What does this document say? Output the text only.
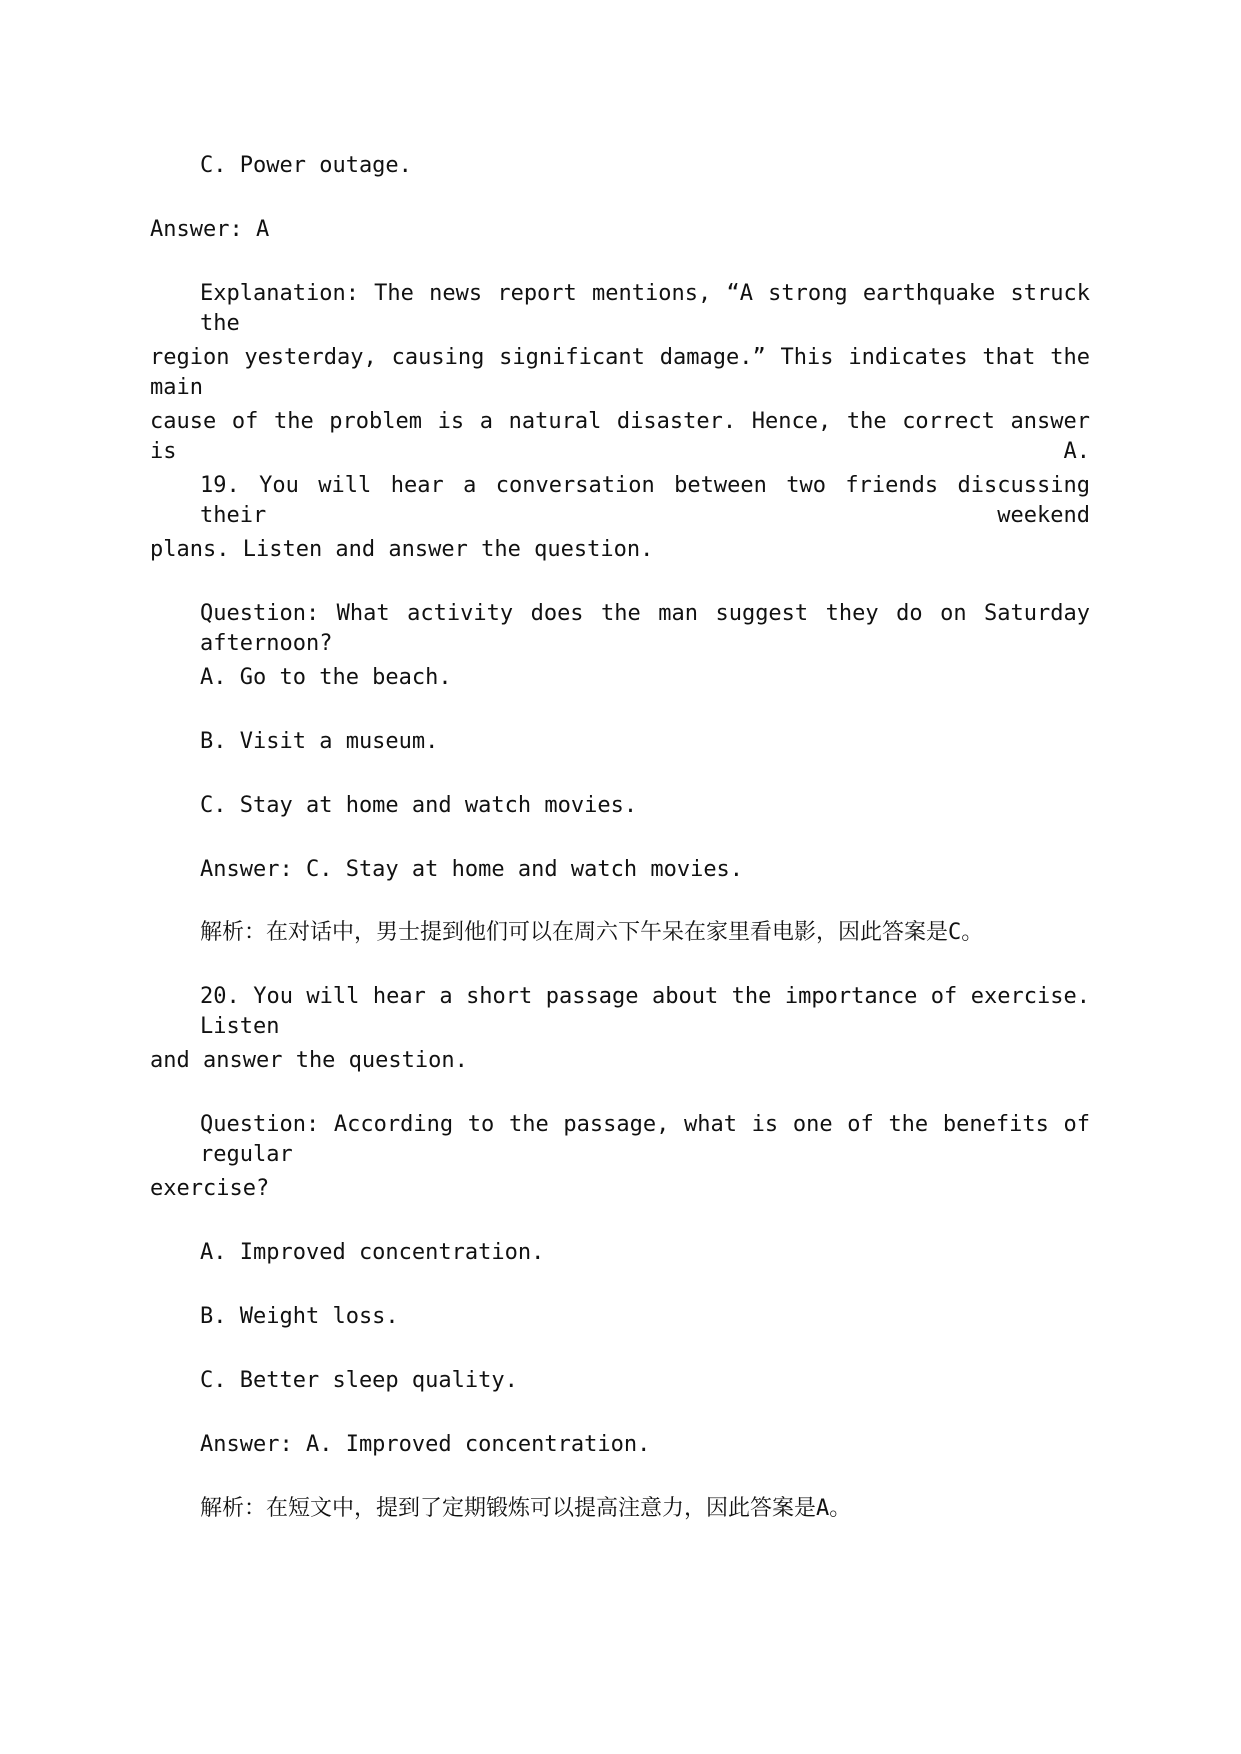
C. Power outage.
Answer: A
Explanation: The news report mentions, “A strong earthquake struck the
region yesterday, causing significant damage.” This indicates that the main
cause of the problem is a natural disaster. Hence, the correct answer is A.
19. You will hear a conversation between two friends discussing their weekend
plans. Listen and answer the question.
Question: What activity does the man suggest they do on Saturday afternoon?
A. Go to the beach.
B. Visit a museum.
C. Stay at home and watch movies.
Answer: C. Stay at home and watch movies.
解析：在对话中，男士提到他们可以在周六下午呆在家里看电影，因此答案是C。
20. You will hear a short passage about the importance of exercise. Listen
and answer the question.
Question: According to the passage, what is one of the benefits of regular
exercise?
A. Improved concentration.
B. Weight loss.
C. Better sleep quality.
Answer: A. Improved concentration.
解析：在短文中，提到了定期锻炼可以提高注意力，因此答案是A。
